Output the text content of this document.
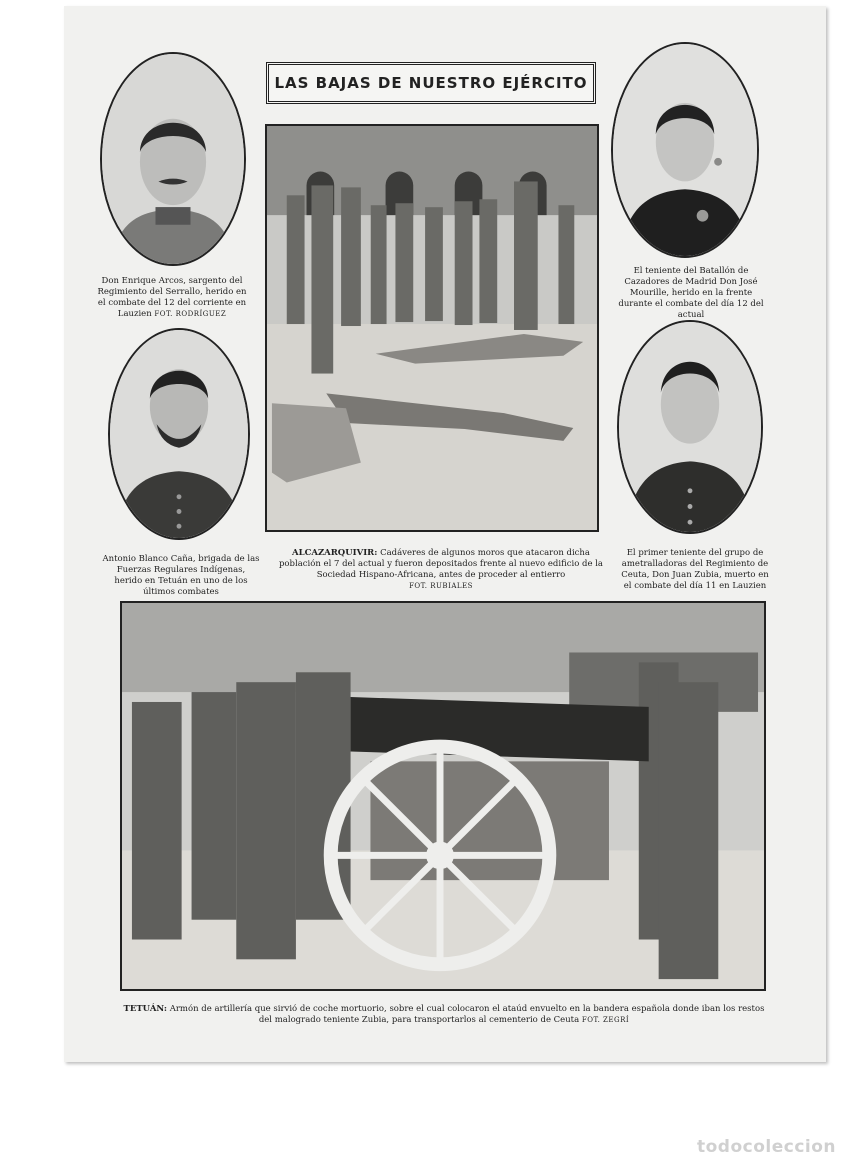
LAS BAJAS DE NUESTRO EJÉRCITO
Don Enrique Arcos, sargento del Regimiento del Serrallo, herido en el combate del 12 del corriente en Lauzien FOT. RODRÍGUEZ
El teniente del Batallón de Cazadores de Madrid Don José Mourille, herido en la frente durante el combate del día 12 del actual
Antonio Blanco Caña, brigada de las Fuerzas Regulares Indígenas, herido en Tetuán en uno de los últimos combates
El primer teniente del grupo de ametralladoras del Regimiento de Ceuta, Don Juan Zubia, muerto en el combate del día 11 en Lauzien
ALCAZARQUIVIR: Cadáveres de algunos moros que atacaron dicha población el 7 del actual y fueron depositados frente al nuevo edificio de la Sociedad Hispano-Africana, antes de proceder al entierro
FOT. RUBIALES
TETUÁN: Armón de artillería que sirvió de coche mortuorio, sobre el cual colocaron el ataúd envuelto en la bandera española donde iban los restos del malogrado teniente Zubia, para transportarlos al cementerio de Ceuta FOT. ZEGRÍ
todocoleccion
